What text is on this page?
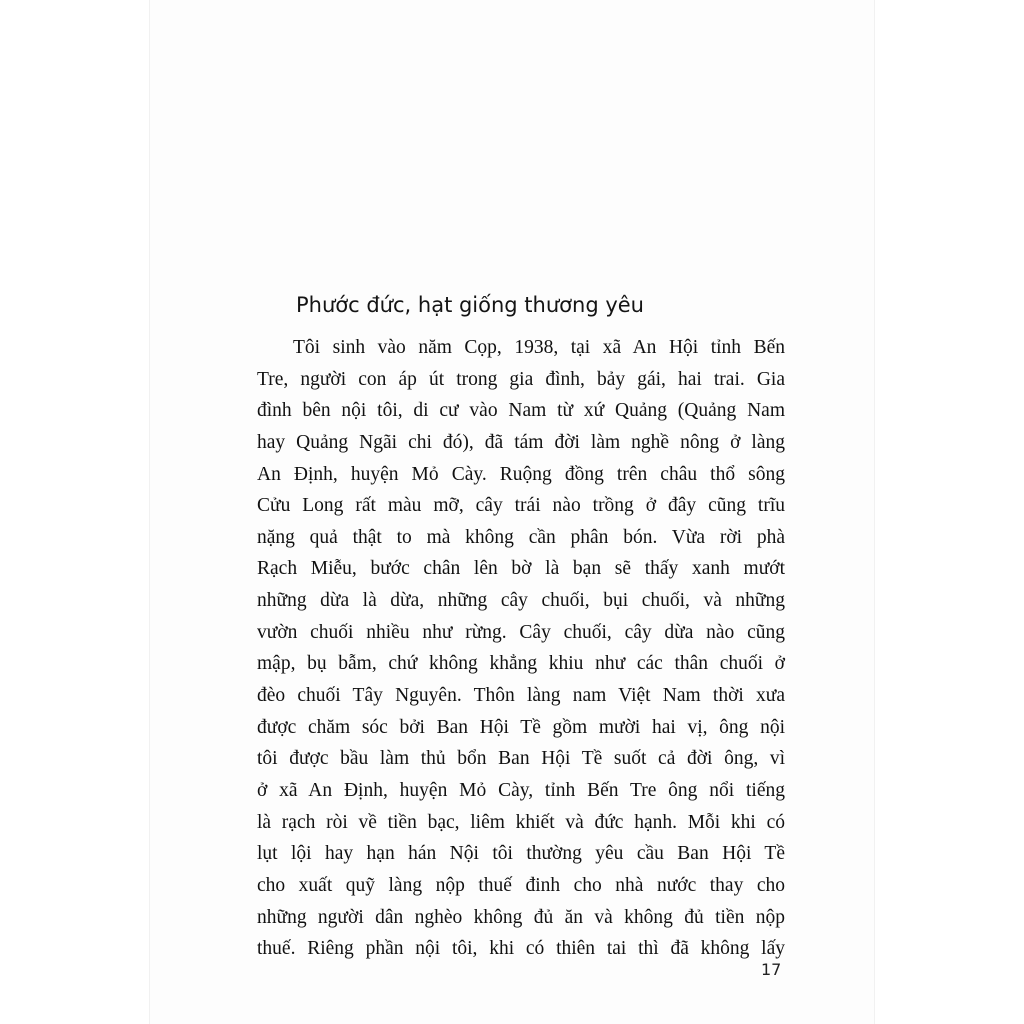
Phước đức, hạt giống thương yêu
Tôi sinh vào năm Cọp, 1938, tại xã An Hội tỉnh Bến
Tre, người con áp út trong gia đình, bảy gái, hai trai. Gia
đình bên nội tôi, di cư vào Nam từ xứ Quảng (Quảng Nam
hay Quảng Ngãi chi đó), đã tám đời làm nghề nông ở làng
An Định, huyện Mỏ Cày. Ruộng đồng trên châu thổ sông
Cửu Long rất màu mỡ, cây trái nào trồng ở đây cũng trĩu
nặng quả thật to mà không cần phân bón. Vừa rời phà
Rạch Miễu, bước chân lên bờ là bạn sẽ thấy xanh mướt
những dừa là dừa, những cây chuối, bụi chuối, và những
vườn chuối nhiều như rừng. Cây chuối, cây dừa nào cũng
mập, bụ bẫm, chứ không khẳng khiu như các thân chuối ở
đèo chuối Tây Nguyên. Thôn làng nam Việt Nam thời xưa
được chăm sóc bởi Ban Hội Tề gồm mười hai vị, ông nội
tôi được bầu làm thủ bổn Ban Hội Tề suốt cả đời ông, vì
ở xã An Định, huyện Mỏ Cày, tỉnh Bến Tre ông nổi tiếng
là rạch ròi về tiền bạc, liêm khiết và đức hạnh. Mỗi khi có
lụt lội hay hạn hán Nội tôi thường yêu cầu Ban Hội Tề
cho xuất quỹ làng nộp thuế đinh cho nhà nước thay cho
những người dân nghèo không đủ ăn và không đủ tiền nộp
thuế. Riêng phần nội tôi, khi có thiên tai thì đã không lấy
17
